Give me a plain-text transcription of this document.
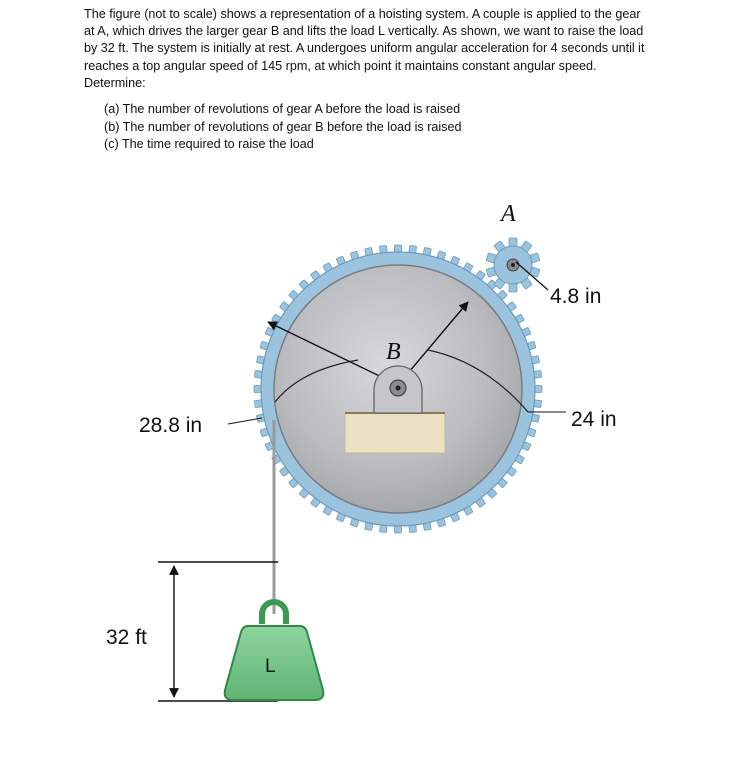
The figure (not to scale) shows a representation of a hoisting system. A couple is applied to the gear at A, which drives the larger gear B and lifts the load L vertically. As shown, we want to raise the load by 32 ft. The system is initially at rest. A undergoes uniform angular acceleration for 4 seconds until it reaches a top angular speed of 145 rpm, at which point it maintains constant angular speed. Determine:
(a) The number of revolutions of gear A before the load is raised
(b) The number of revolutions of gear B before the load is raised
(c) The time required to raise the load
A
B
L
4.8 in
28.8 in	24 in
32 ft
